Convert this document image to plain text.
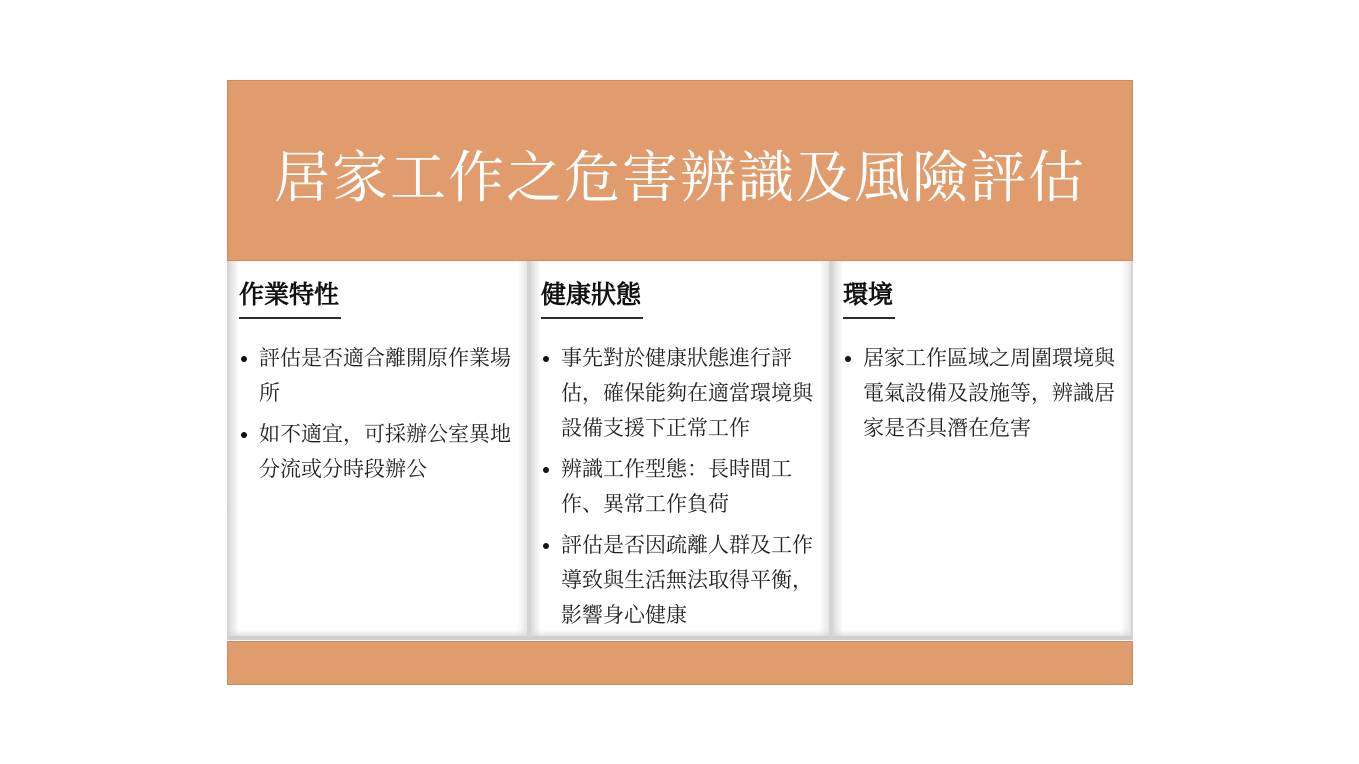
居家工作之危害辨識及風險評估
作業特性
評估是否適合離開原作業場所
如不適宜，可採辦公室異地分流或分時段辦公
健康狀態
事先對於健康狀態進行評估，確保能夠在適當環境與設備支援下正常工作
辨識工作型態：長時間工作、異常工作負荷
評估是否因疏離人群及工作導致與生活無法取得平衡，影響身心健康
環境
居家工作區域之周圍環境與電氣設備及設施等，辨識居家是否具潛在危害
